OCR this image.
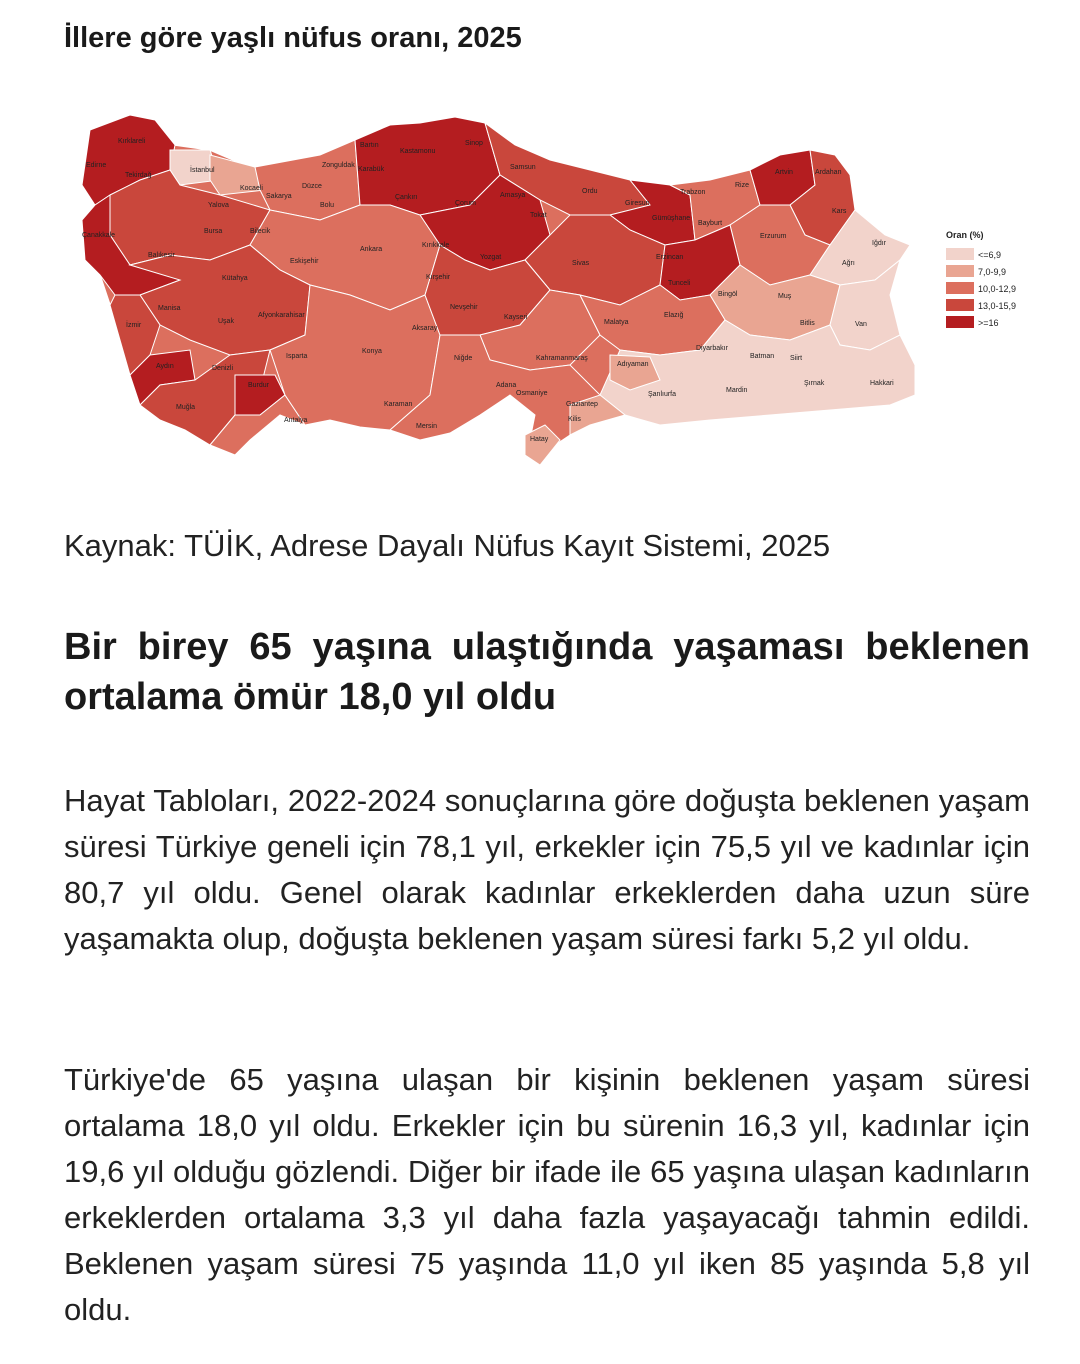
İllere göre yaşlı nüfus oranı, 2025
Kırklareli
Edirne
Tekirdağ
İstanbul
Kocaeli
Yalova
Sakarya
Düzce
Bolu
Zonguldak
Bartın
Karabük
Kastamonu
Sinop
Samsun
Çankırı
Çorum
Amasya
Ordu
Tokat
Giresun
Trabzon
Rize
Artvin	Ardahan
Kars
Iğdır
Gümüşhane
Bayburt
Erzurum
Ağrı
Bilecik
Bursa
Çanakkale
Balıkesir
Eskişehir
Ankara
Kırıkkale
Yozgat
Sivas
Erzincan
Tunceli
Bingöl	Muş
Van
Bitlis
Kütahya
Manisa
İzmir
Uşak
Afyonkarahisar
Kırşehir
Nevşehir
Kayseri
Malatya
Elazığ
Aksaray
Konya
Isparta
Denizli
Aydın
Muğla
Burdur
Antalya
Niğde	Kahramanmaraş
Adıyaman
Diyarbakır
Batman Siirt
Şırnak	Hakkari
Mardin
Şanlıurfa
Karaman
Mersin
Adana
Osmaniye
Gaziantep
Kilis
Hatay
Oran (%)
<=6,9
7,0-9,9
10,0-12,9
13,0-15,9
>=16

Kaynak: TÜİK, Adrese Dayalı Nüfus Kayıt Sistemi, 2025

Bir birey 65 yaşına ulaştığında yaşaması beklenen ortalama ömür 18,0 yıl oldu

Hayat Tabloları, 2022-2024 sonuçlarına göre doğuşta beklenen yaşam süresi Türkiye geneli için 78,1 yıl, erkekler için 75,5 yıl ve kadınlar için 80,7 yıl oldu. Genel olarak kadınlar erkeklerden daha uzun süre yaşamakta olup, doğuşta beklenen yaşam süresi farkı 5,2 yıl oldu.

Türkiye'de 65 yaşına ulaşan bir kişinin beklenen yaşam süresi ortalama 18,0 yıl oldu. Erkekler için bu sürenin 16,3 yıl, kadınlar için 19,6 yıl olduğu gözlendi. Diğer bir ifade ile 65 yaşına ulaşan kadınların erkeklerden ortalama 3,3 yıl daha fazla yaşayacağı tahmin edildi. Beklenen yaşam süresi 75 yaşında 11,0 yıl iken 85 yaşında 5,8 yıl oldu.
